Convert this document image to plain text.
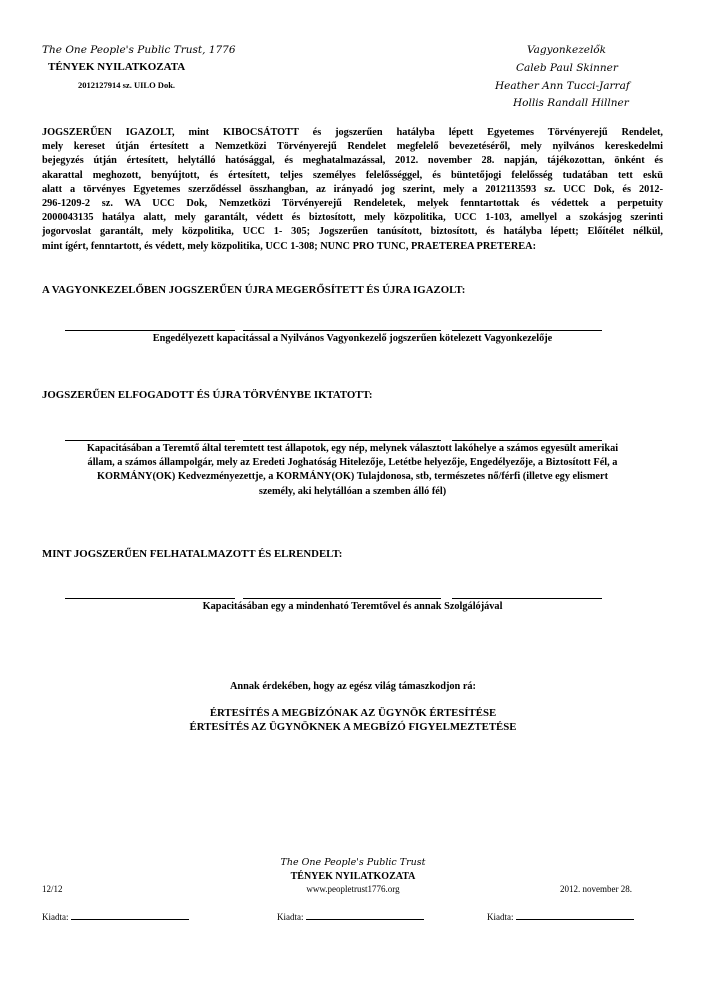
The One People's Public Trust, 1776
TÉNYEK NYILATKOZATA
2012127914 sz. UILO Dok.
Vagyonkezelők
Caleb Paul Skinner
Heather Ann Tucci-Jarraf
Hollis Randall Hillner
JOGSZERŰEN IGAZOLT, mint KIBOCSÁTOTT és jogszerűen hatályba lépett Egyetemes Törvényerejű Rendelet,
mely kereset útján értesített a Nemzetközi Törvényerejű Rendelet megfelelő bevezetéséről, mely nyilvános kereskedelmi
bejegyzés útján értesített, helytálló hatósággal, és meghatalmazással, 2012. november 28. napján, tájékozottan, önként és
akarattal meghozott, benyújtott, és értesített, teljes személyes felelősséggel, és büntetőjogi felelősség tudatában tett eskü
alatt a törvényes Egyetemes szerződéssel összhangban, az irányadó jog szerint, mely a 2012113593 sz. UCC Dok, és 2012-
296-1209-2 sz. WA UCC Dok, Nemzetközi Törvényerejű Rendeletek, melyek fenntartottak és védettek a perpetuity
2000043135 hatálya alatt, mely garantált, védett és biztosított, mely közpolitika, UCC 1-103, amellyel a szokásjog szerinti
jogorvoslat garantált, mely közpolitika, UCC 1- 305; Jogszerűen tanúsított, biztosított, és hatályba lépett; Előítélet nélkül,
mint ígért, fenntartott, és védett, mely közpolitika, UCC 1-308; NUNC PRO TUNC, PRAETEREA PRETEREA:
A VAGYONKEZELŐBEN JOGSZERŰEN ÚJRA MEGERŐSÍTETT ÉS ÚJRA IGAZOLT:
Engedélyezett kapacitással a Nyilvános Vagyonkezelő jogszerűen kötelezett Vagyonkezelője
JOGSZERŰEN ELFOGADOTT ÉS ÚJRA TÖRVÉNYBE IKTATOTT:
Kapacitásában a Teremtő által teremtett test állapotok, egy nép, melynek választott lakóhelye a számos egyesült amerikai
állam, a számos állampolgár, mely az Eredeti Joghatóság Hitelezője, Letétbe helyezője, Engedélyezője, a Biztosított Fél, a
KORMÁNY(OK) Kedvezményezettje, a KORMÁNY(OK) Tulajdonosa, stb, természetes nő/férfi (illetve egy elismert
személy, aki helytállóan a szemben álló fél)
MINT JOGSZERŰEN FELHATALMAZOTT ÉS ELRENDELT:
Kapacitásában egy a mindenható Teremtővel és annak Szolgálójával
Annak érdekében, hogy az egész világ támaszkodjon rá:
ÉRTESÍTÉS A MEGBÍZÓNAK AZ ÜGYNÖK ÉRTESÍTÉSE
ÉRTESÍTÉS AZ ÜGYNÖKNEK A MEGBÍZÓ FIGYELMEZTETÉSE
The One People's Public Trust
TÉNYEK NYILATKOZATA
12/12	www.peopletrust1776.org	2012. november 28.
Kiadta:	Kiadta:	Kiadta:
